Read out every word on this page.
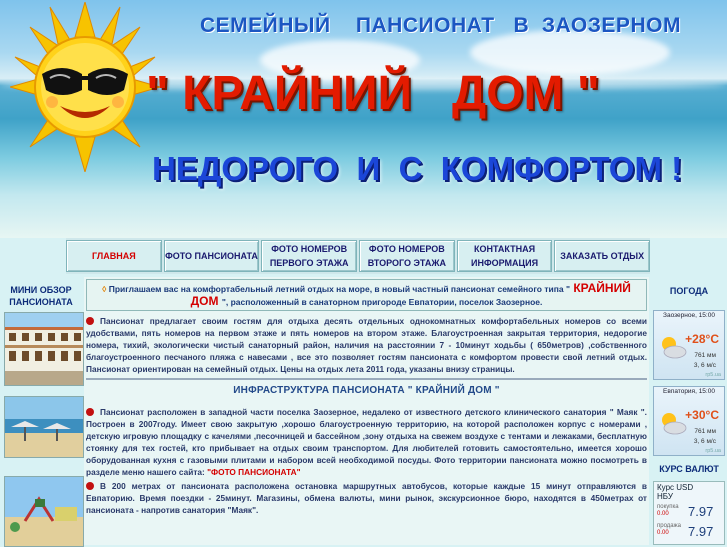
СЕМЕЙНЫЙ    ПАНСИОНАТ   В  ЗАОЗЕРНОМ
" КРАЙНИЙ   ДОМ "
НЕДОРОГО  И  С  КОМФОРТОМ !
ГЛАВНАЯ	ФОТО ПАНСИОНАТА
ФОТО НОМЕРОВ
ПЕРВОГО ЭТАЖА
ФОТО НОМЕРОВ
ВТОРОГО ЭТАЖА
КОНТАКТНАЯ
ИНФОРМАЦИЯ
ЗАКАЗАТЬ ОТДЫХ
МИНИ ОБЗОР
ПАНСИОНАТА
◊ Приглашаем вас на комфортабельный летний отдых на море, в новый частный пансионат семейного типа " КРАЙНИЙ ДОМ ", расположенный в санаторном пригороде Евпатории, поселок Заозерное.
Пансионат предлагает своим гостям для отдыха десять отдельных однокомнатных комфортабельных номеров со всеми удобствами, пять номеров на первом этаже и пять номеров на втором этаже. Благоустроенная закрытая территория, недорогие номера, тихий, экологически чистый санаторный район, наличия на расстоянии 7 - 10минут ходьбы ( 650метров) ,собственного благоустроенного песчаного пляжа с навесами , все это позволяет гостям пансионата с комфортом провести свой летний отдых. Пансионат ориентирован на семейный отдых. Цены на отдых лета 2011 года, указаны внизу страницы.
ИНФРАСТРУКТУРА ПАНСИОНАТА " КРАЙНИЙ ДОМ "
Пансионат расположен в западной части поселка Заозерное, недалеко от известного детского клинического санатория " Маяк ". Построен в 2007году. Имеет свою закрытую ,хорошо благоустроенную территорию, на которой расположен корпус с номерами , детскую игровую площадку с качелями ,песочницей и бассейном ,зону отдыха на свежем воздухе с тентами и лежаками, бесплатную стоянку для тех гостей, кто прибывает на отдых своим транспортом. Для любителей готовить самостоятельно, имеется хорошо оборудованная кухня с газовыми плитами и набором всей необходимой посуды. Фото территории пансионата можно посмотреть в разделе меню нашего сайта: "ФОТО ПАНСИОНАТА"
В 200 метрах от пансионата расположена остановка маршрутных автобусов, которые каждые 15 минут отправляются в Евпаторию. Время поездки - 25минут. Магазины, обмена валюты, мини рынок, экскурсионное бюро, находятся в 450метрах от пансионата - напротив санатория "Маяк".
ПОГОДА
Заозерное, 15:00
+28°C
761 мм
3, 6 м/с
rp5.ua
Евпатория, 15:00
+30°C
761 мм
3, 6 м/с
rp5.ua
КУРС ВАЛЮТ
Курс USD
НБУ
покупка
0.00 7.97
продажа
0.00 7.97
